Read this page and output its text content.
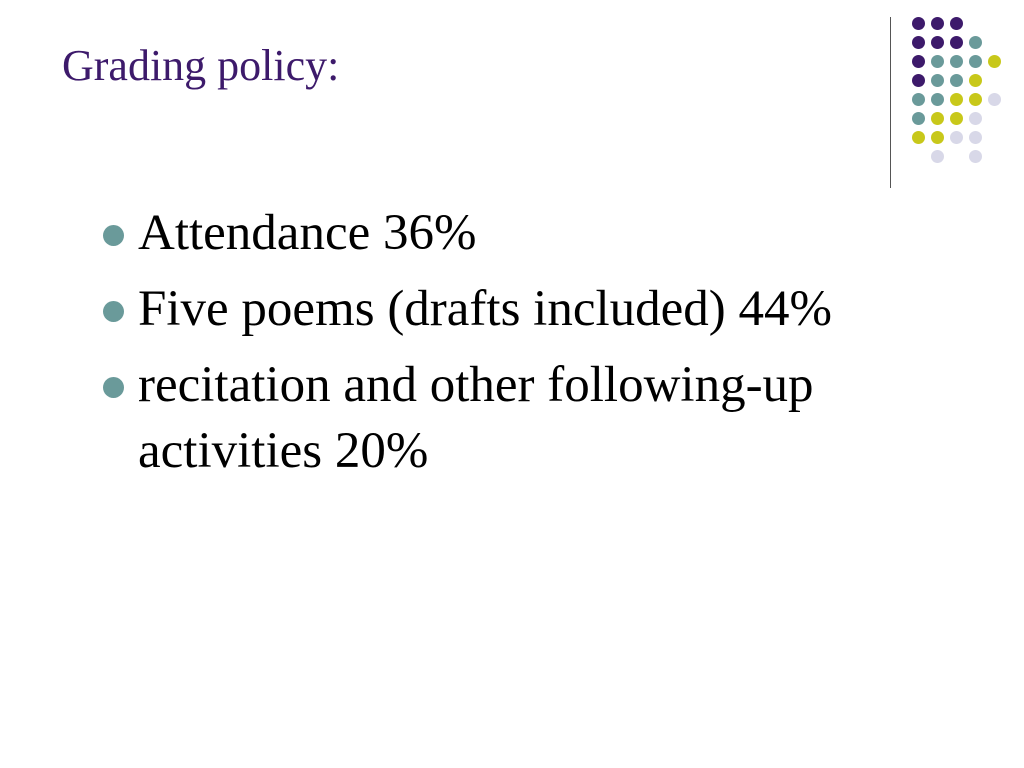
Grading policy:
Attendance 36%
Five poems (drafts included) 44%
recitation and other following-up activities 20%
